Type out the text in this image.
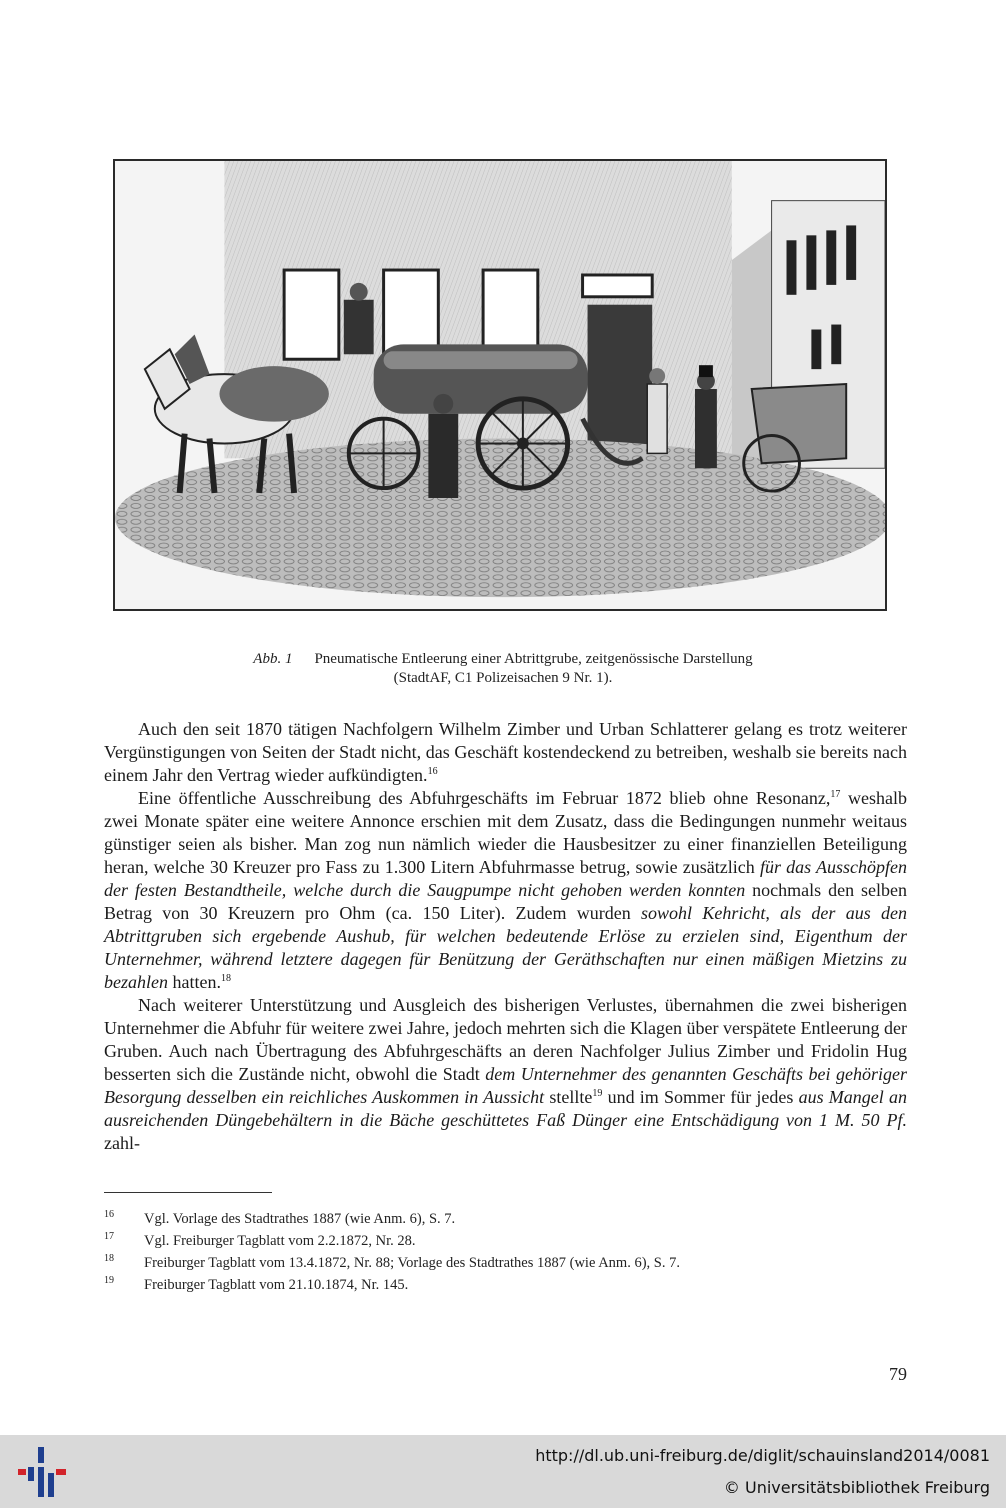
Abb. 1 Pneumatische Entleerung einer Abtrittgrube, zeitgenössische Darstellung
(StadtAF, C1 Polizeisachen 9 Nr. 1).

Auch den seit 1870 tätigen Nachfolgern Wilhelm Zimber und Urban Schlatterer gelang es trotz weiterer Vergünstigungen von Seiten der Stadt nicht, das Geschäft kostendeckend zu betreiben, weshalb sie bereits nach einem Jahr den Vertrag wieder aufkündigten.$^{16}$

Eine öffentliche Ausschreibung des Abfuhrgeschäfts im Februar 1872 blieb ohne Resonanz,$^{17}$ weshalb zwei Monate später eine weitere Annonce erschien mit dem Zusatz, dass die Bedingungen nunmehr weitaus günstiger seien als bisher. Man zog nun nämlich wieder die Hausbesitzer zu einer finanziellen Beteiligung heran, welche 30 Kreuzer pro Fass zu 1.300 Litern Abfuhrmasse betrug, sowie zusätzlich für das Ausschöpfen der festen Bestandtheile, welche durch die Saugpumpe nicht gehoben werden konnten nochmals den selben Betrag von 30 Kreuzern pro Ohm (ca. 150 Liter). Zudem wurden sowohl Kehricht, als der aus den Abtrittgruben sich ergebende Aushub, für welchen bedeutende Erlöse zu erzielen sind, Eigenthum der Unternehmer, während letztere dagegen für Benützung der Geräthschaften nur einen mäßigen Mietzins zu bezahlen hatten.$^{18}$

Nach weiterer Unterstützung und Ausgleich des bisherigen Verlustes, übernahmen die zwei bisherigen Unternehmer die Abfuhr für weitere zwei Jahre, jedoch mehrten sich die Klagen über verspätete Entleerung der Gruben. Auch nach Übertragung des Abfuhrgeschäfts an deren Nachfolger Julius Zimber und Fridolin Hug besserten sich die Zustände nicht, obwohl die Stadt dem Unternehmer des genannten Geschäfts bei gehöriger Besorgung desselben ein reichliches Auskommen in Aussicht stellte$^{19}$ und im Sommer für jedes aus Mangel an ausreichenden Düngebehältern in die Bäche geschüttetes Faß Dünger eine Entschädigung von 1 M. 50 Pf. zahl-

16 Vgl. Vorlage des Stadtrathes 1887 (wie Anm. 6), S. 7.
17 Vgl. Freiburger Tagblatt vom 2.2.1872, Nr. 28.
18 Freiburger Tagblatt vom 13.4.1872, Nr. 88; Vorlage des Stadtrathes 1887 (wie Anm. 6), S. 7.
19 Freiburger Tagblatt vom 21.10.1874, Nr. 145.
79
http://dl.ub.uni-freiburg.de/diglit/schauinsland2014/0081
© Universitätsbibliothek Freiburg
